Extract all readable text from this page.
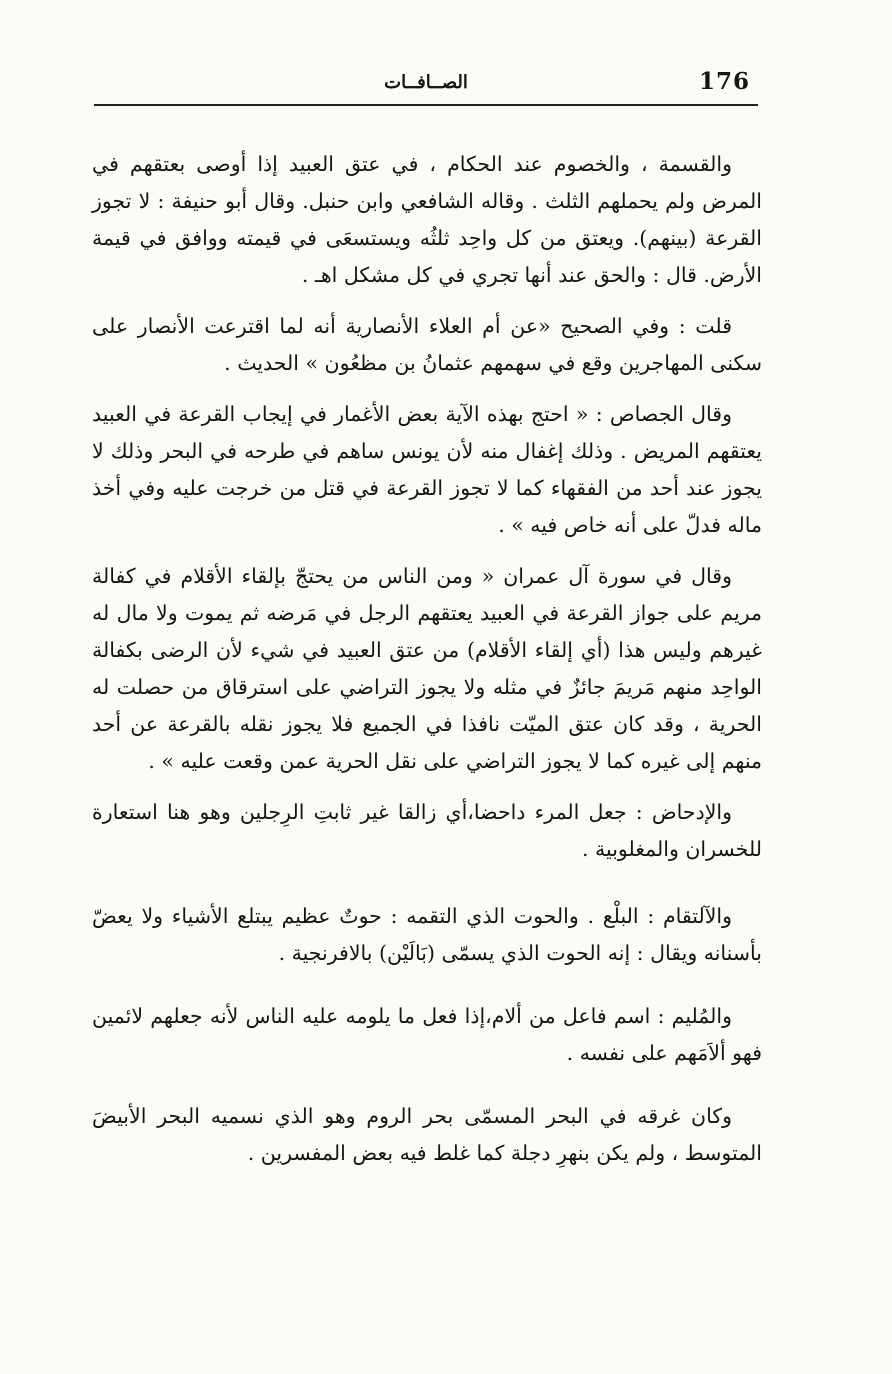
176
الصــافــات

والقسمة ، والخصوم عند الحكام ، في عتق العبيد إذا أوصى بعتقهم في المرض ولم يحملهم الثلث . وقاله الشافعي وابن حنبل. وقال أبو حنيفة : لا تجوز القرعة (بينهم). ويعتق من كل واحِد ثلثُه ويستسعَى في قيمته ووافق في قيمة الأرض. قال : والحق عند أنها تجري في كل مشكل اهـ .

قلت : وفي الصحيح «عن أم العلاء الأنصارية أنه لما اقترعت الأنصار على سكنى المهاجرين وقع في سهمهم عثمانُ بن مظعُون » الحديث .

وقال الجصاص : « احتج بهذه الآية بعض الأغمار في إيجاب القرعة في العبيد يعتقهم المريض . وذلك إغفال منه لأن يونس ساهم في طرحه في البحر وذلك لا يجوز عند أحد من الفقهاء كما لا تجوز القرعة في قتل من خرجت عليه وفي أخذ ماله فدلّ على أنه خاص فيه » .

وقال في سورة آل عمران « ومن الناس من يحتجّ بإلقاء الأقلام في كفالة مريم على جواز القرعة في العبيد يعتقهم الرجل في مَرضه ثم يموت ولا مال له غيرهم وليس هذا (أي إلقاء الأقلام) من عتق العبيد في شيء لأن الرضى بكفالة الواحِد منهم مَريمَ جائزٌ في مثله ولا يجوز التراضي على استرقاق من حصلت له الحرية ، وقد كان عتق الميّت نافذا في الجميع فلا يجوز نقله بالقرعة عن أحد منهم إلى غيره كما لا يجوز التراضي على نقل الحرية عمن وقعت عليه » .

والإدحاض : جعل المرء داحضا،أي زالقا غير ثابتِ الرِجلين وهو هنا استعارة للخسران والمغلوبية .

والآلتقام : البلْع . والحوت الذي التقمه : حوتٌ عظيم يبتلع الأشياء ولا يعضّ بأسنانه ويقال : إنه الحوت الذي يسمّى (بَالَيْن) بالافرنجية .

والمُليم : اسم فاعل من ألام،إذا فعل ما يلومه عليه الناس لأنه جعلهم لائمين فهو ألاَمَهم على نفسه .

وكان غرقه في البحر المسمّى بحر الروم وهو الذي نسميه البحر الأبيضَ المتوسط ، ولم يكن بنهرِ دجلة كما غلط فيه بعض المفسرين .
